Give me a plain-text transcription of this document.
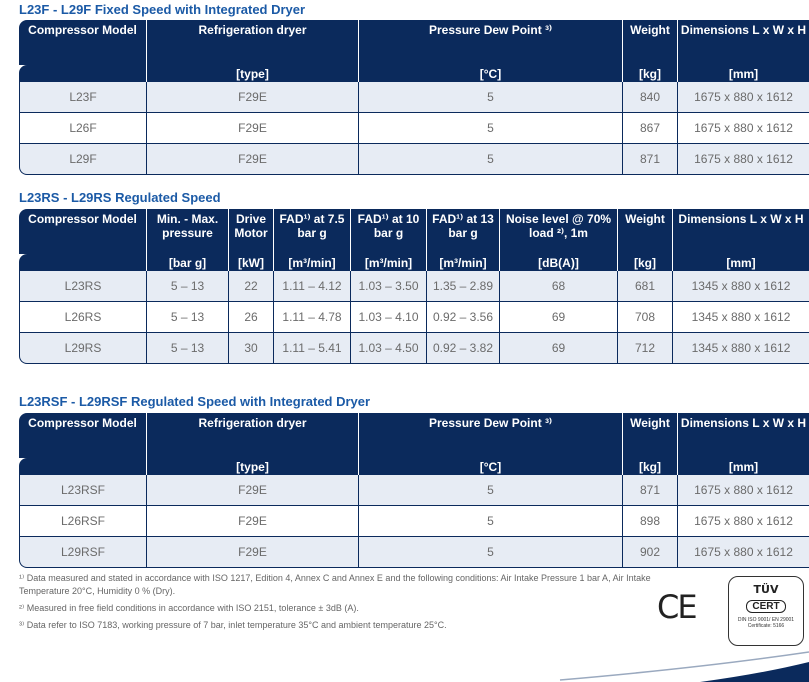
L23F - L29F Fixed Speed with Integrated Dryer
Compressor Model	Refrigeration dryer	Pressure Dew Point ³⁾	Weight	Dimensions L x W x H
	[type]	[°C]	[kg]	[mm]
L23F	F29E	5	840	1675 x 880 x 1612
L26F	F29E	5	867	1675 x 880 x 1612
L29F	F29E	5	871	1675 x 880 x 1612
L23RS - L29RS Regulated Speed
Compressor Model	Min. - Max. pressure	Drive Motor	FAD¹⁾ at 7.5 bar g	FAD¹⁾ at 10 bar g	FAD¹⁾ at 13 bar g	Noise level @ 70% load ²⁾, 1m	Weight	Dimensions L x W x H
	[bar g]	[kW]	[m³/min]	[m³/min]	[m³/min]	[dB(A)]	[kg]	[mm]
L23RS	5 – 13	22	1.11 – 4.12	1.03 – 3.50	1.35 – 2.89	68	681	1345 x 880 x 1612
L26RS	5 – 13	26	1.11 – 4.78	1.03 – 4.10	0.92 – 3.56	69	708	1345 x 880 x 1612
L29RS	5 – 13	30	1.11 – 5.41	1.03 – 4.50	0.92 – 3.82	69	712	1345 x 880 x 1612
L23RSF - L29RSF Regulated Speed with Integrated Dryer
Compressor Model	Refrigeration dryer	Pressure Dew Point ³⁾	Weight	Dimensions L x W x H
	[type]	[°C]	[kg]	[mm]
L23RSF	F29E	5	871	1675 x 880 x 1612
L26RSF	F29E	5	898	1675 x 880 x 1612
L29RSF	F29E	5	902	1675 x 880 x 1612

¹⁾ Data measured and stated in accordance with ISO 1217, Edition 4, Annex C and Annex E and the following conditions: Air Intake Pressure 1 bar A, Air Intake Temperature 20°C, Humidity 0 % (Dry).

²⁾ Measured in free field conditions in accordance with ISO 2151, tolerance ± 3dB (A).

³⁾ Data refer to ISO 7183, working pressure of 7 bar, inlet temperature 35°C and ambient temperature 25°C.	CE	TÜV
CERT
DIN ISO 9001/ EN 29001 Certificate: 5166
